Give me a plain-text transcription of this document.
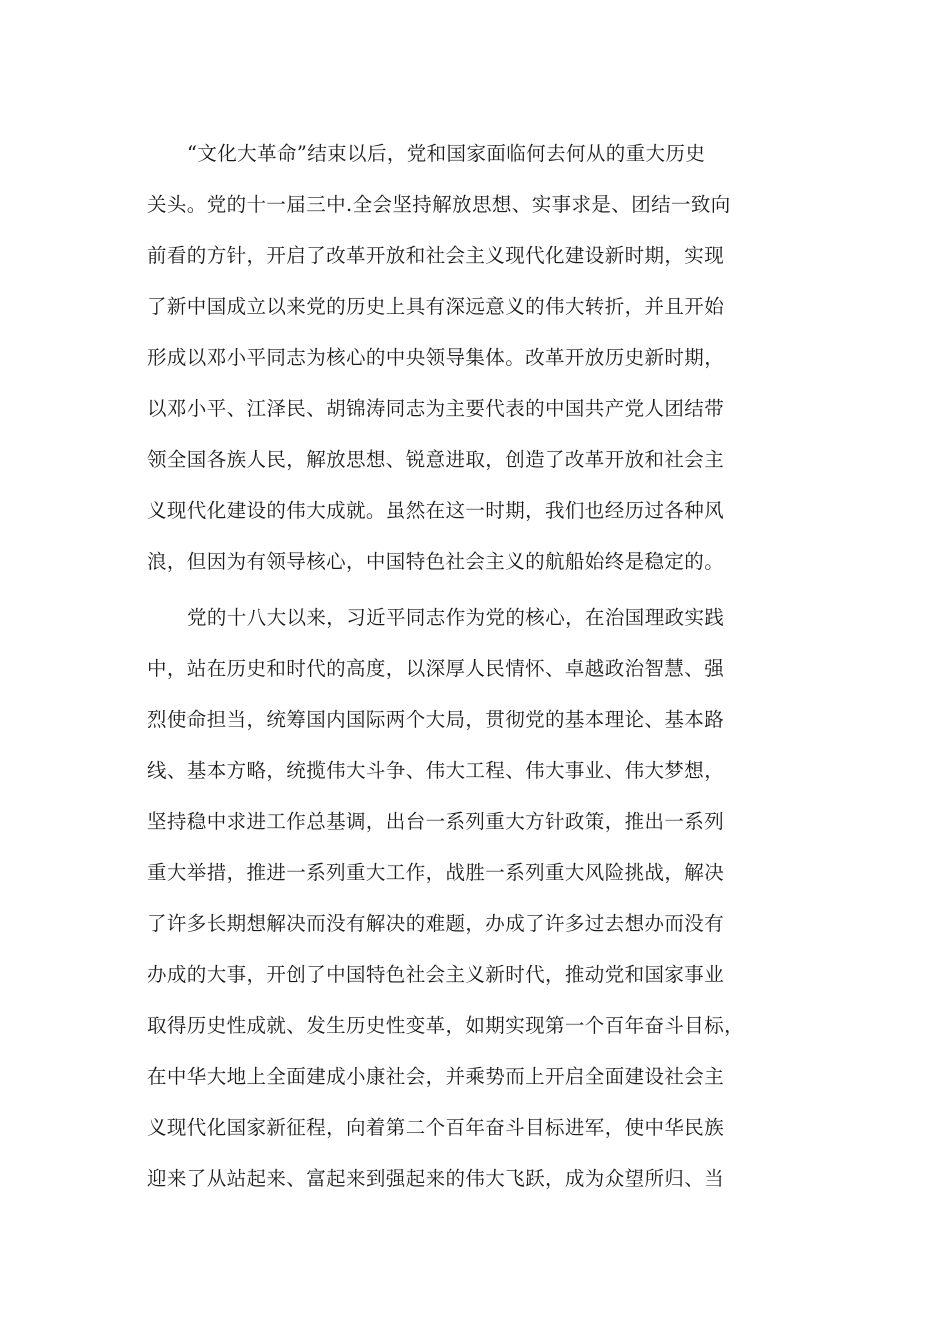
“文化大革命”结束以后，党和国家面临何去何从的重大历史
关头。党的十一届三中.全会坚持解放思想、实事求是、团结一致向
前看的方针，开启了改革开放和社会主义现代化建设新时期，实现
了新中国成立以来党的历史上具有深远意义的伟大转折，并且开始
形成以邓小平同志为核心的中央领导集体。改革开放历史新时期，
以邓小平、江泽民、胡锦涛同志为主要代表的中国共产党人团结带
领全国各族人民，解放思想、锐意进取，创造了改革开放和社会主
义现代化建设的伟大成就。虽然在这一时期，我们也经历过各种风
浪，但因为有领导核心，中国特色社会主义的航船始终是稳定的。
党的十八大以来，习近平同志作为党的核心，在治国理政实践
中，站在历史和时代的高度，以深厚人民情怀、卓越政治智慧、强
烈使命担当，统筹国内国际两个大局，贯彻党的基本理论、基本路
线、基本方略，统揽伟大斗争、伟大工程、伟大事业、伟大梦想，
坚持稳中求进工作总基调，出台一系列重大方针政策，推出一系列
重大举措，推进一系列重大工作，战胜一系列重大风险挑战，解决
了许多长期想解决而没有解决的难题，办成了许多过去想办而没有
办成的大事，开创了中国特色社会主义新时代，推动党和国家事业
取得历史性成就、发生历史性变革，如期实现第一个百年奋斗目标，
在中华大地上全面建成小康社会，并乘势而上开启全面建设社会主
义现代化国家新征程，向着第二个百年奋斗目标进军，使中华民族
迎来了从站起来、富起来到强起来的伟大飞跃，成为众望所归、当
